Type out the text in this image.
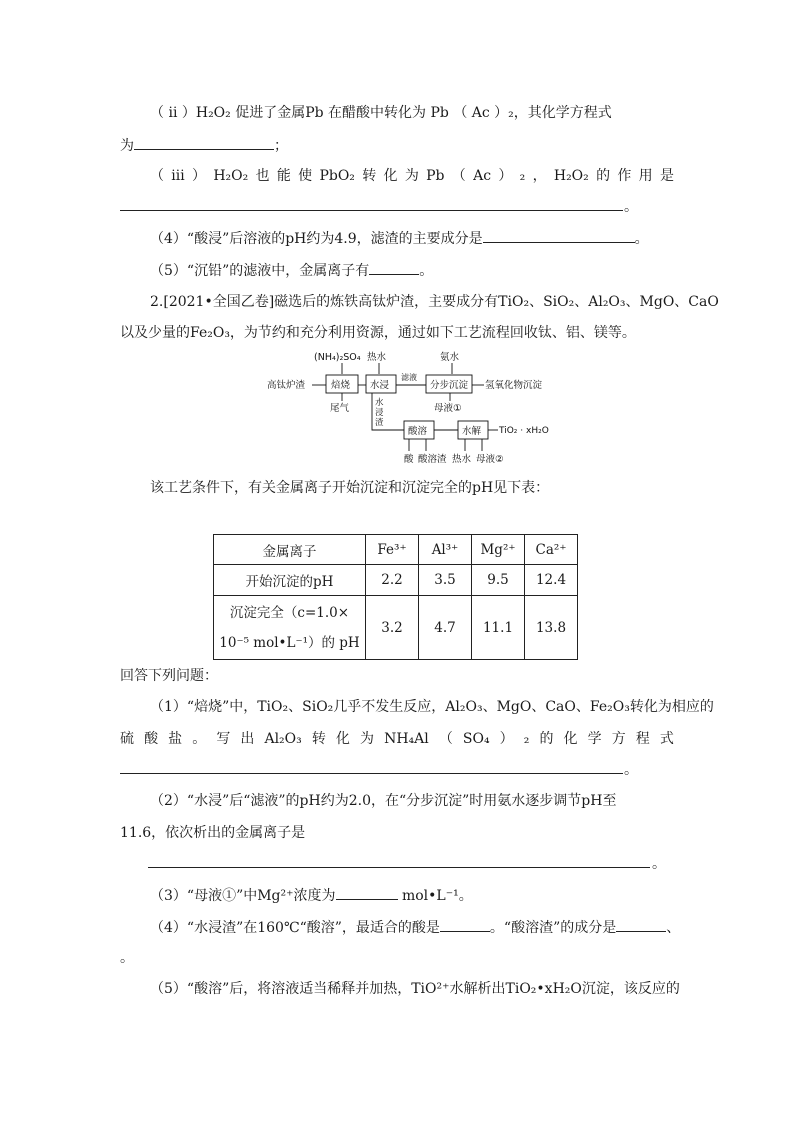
（ ⅱ ）H₂O₂ 促进了金属Pb 在醋酸中转化为 Pb （ Ac ）₂，其化学方程式
为	；
（ ⅲ ） H₂O₂ 也 能 使 PbO₂ 转 化 为 Pb （ Ac ） ₂ ， H₂O₂ 的 作 用 是
。
（4）“酸浸”后溶液的pH约为4.9，滤渣的主要成分是	。
（5）“沉铅”的滤液中，金属离子有	。
2.[2021•全国乙卷]磁选后的炼铁高钛炉渣，主要成分有TiO₂、SiO₂、Al₂O₃、MgO、CaO
以及少量的Fe₂O₃，为节约和充分利用资源，通过如下工艺流程回收钛、铝、镁等。
(NH₄)₂SO₄ 热水	氨水
高钛炉渣	焙烧 水浸
滤液
分步沉淀 氢氧化物沉淀
尾气	母液①
水
浸
渣
酸溶	水解 TiO₂ · xH₂O
酸 酸溶渣 热水 母液②
该工艺条件下，有关金属离子开始沉淀和沉淀完全的pH见下表：
金属离子	Fe³⁺	Al³⁺	Mg²⁺	Ca²⁺
开始沉淀的pH	2.2	3.5	9.5	12.4

沉淀完全（c=1.0×
10⁻⁵ mol•L⁻¹）的 pH	3.2	4.7	11.1	13.8
回答下列问题：
（1）“焙烧”中，TiO₂、SiO₂几乎不发生反应，Al₂O₃、MgO、CaO、Fe₂O₃转化为相应的
硫 酸 盐 。 写 出 Al₂O₃ 转 化 为 NH₄Al （ SO₄ ） ₂ 的 化 学 方 程 式
。
（2）“水浸”后“滤液”的pH约为2.0，在“分步沉淀”时用氨水逐步调节pH至
11.6，依次析出的金属离子是
。
（3）“母液①”中Mg²⁺浓度为	mol•L⁻¹。
（4）“水浸渣”在160℃“酸溶”，最适合的酸是	。“酸溶渣”的成分是	、
。
（5）“酸溶”后，将溶液适当稀释并加热，TiO²⁺水解析出TiO₂•xH₂O沉淀，该反应的
